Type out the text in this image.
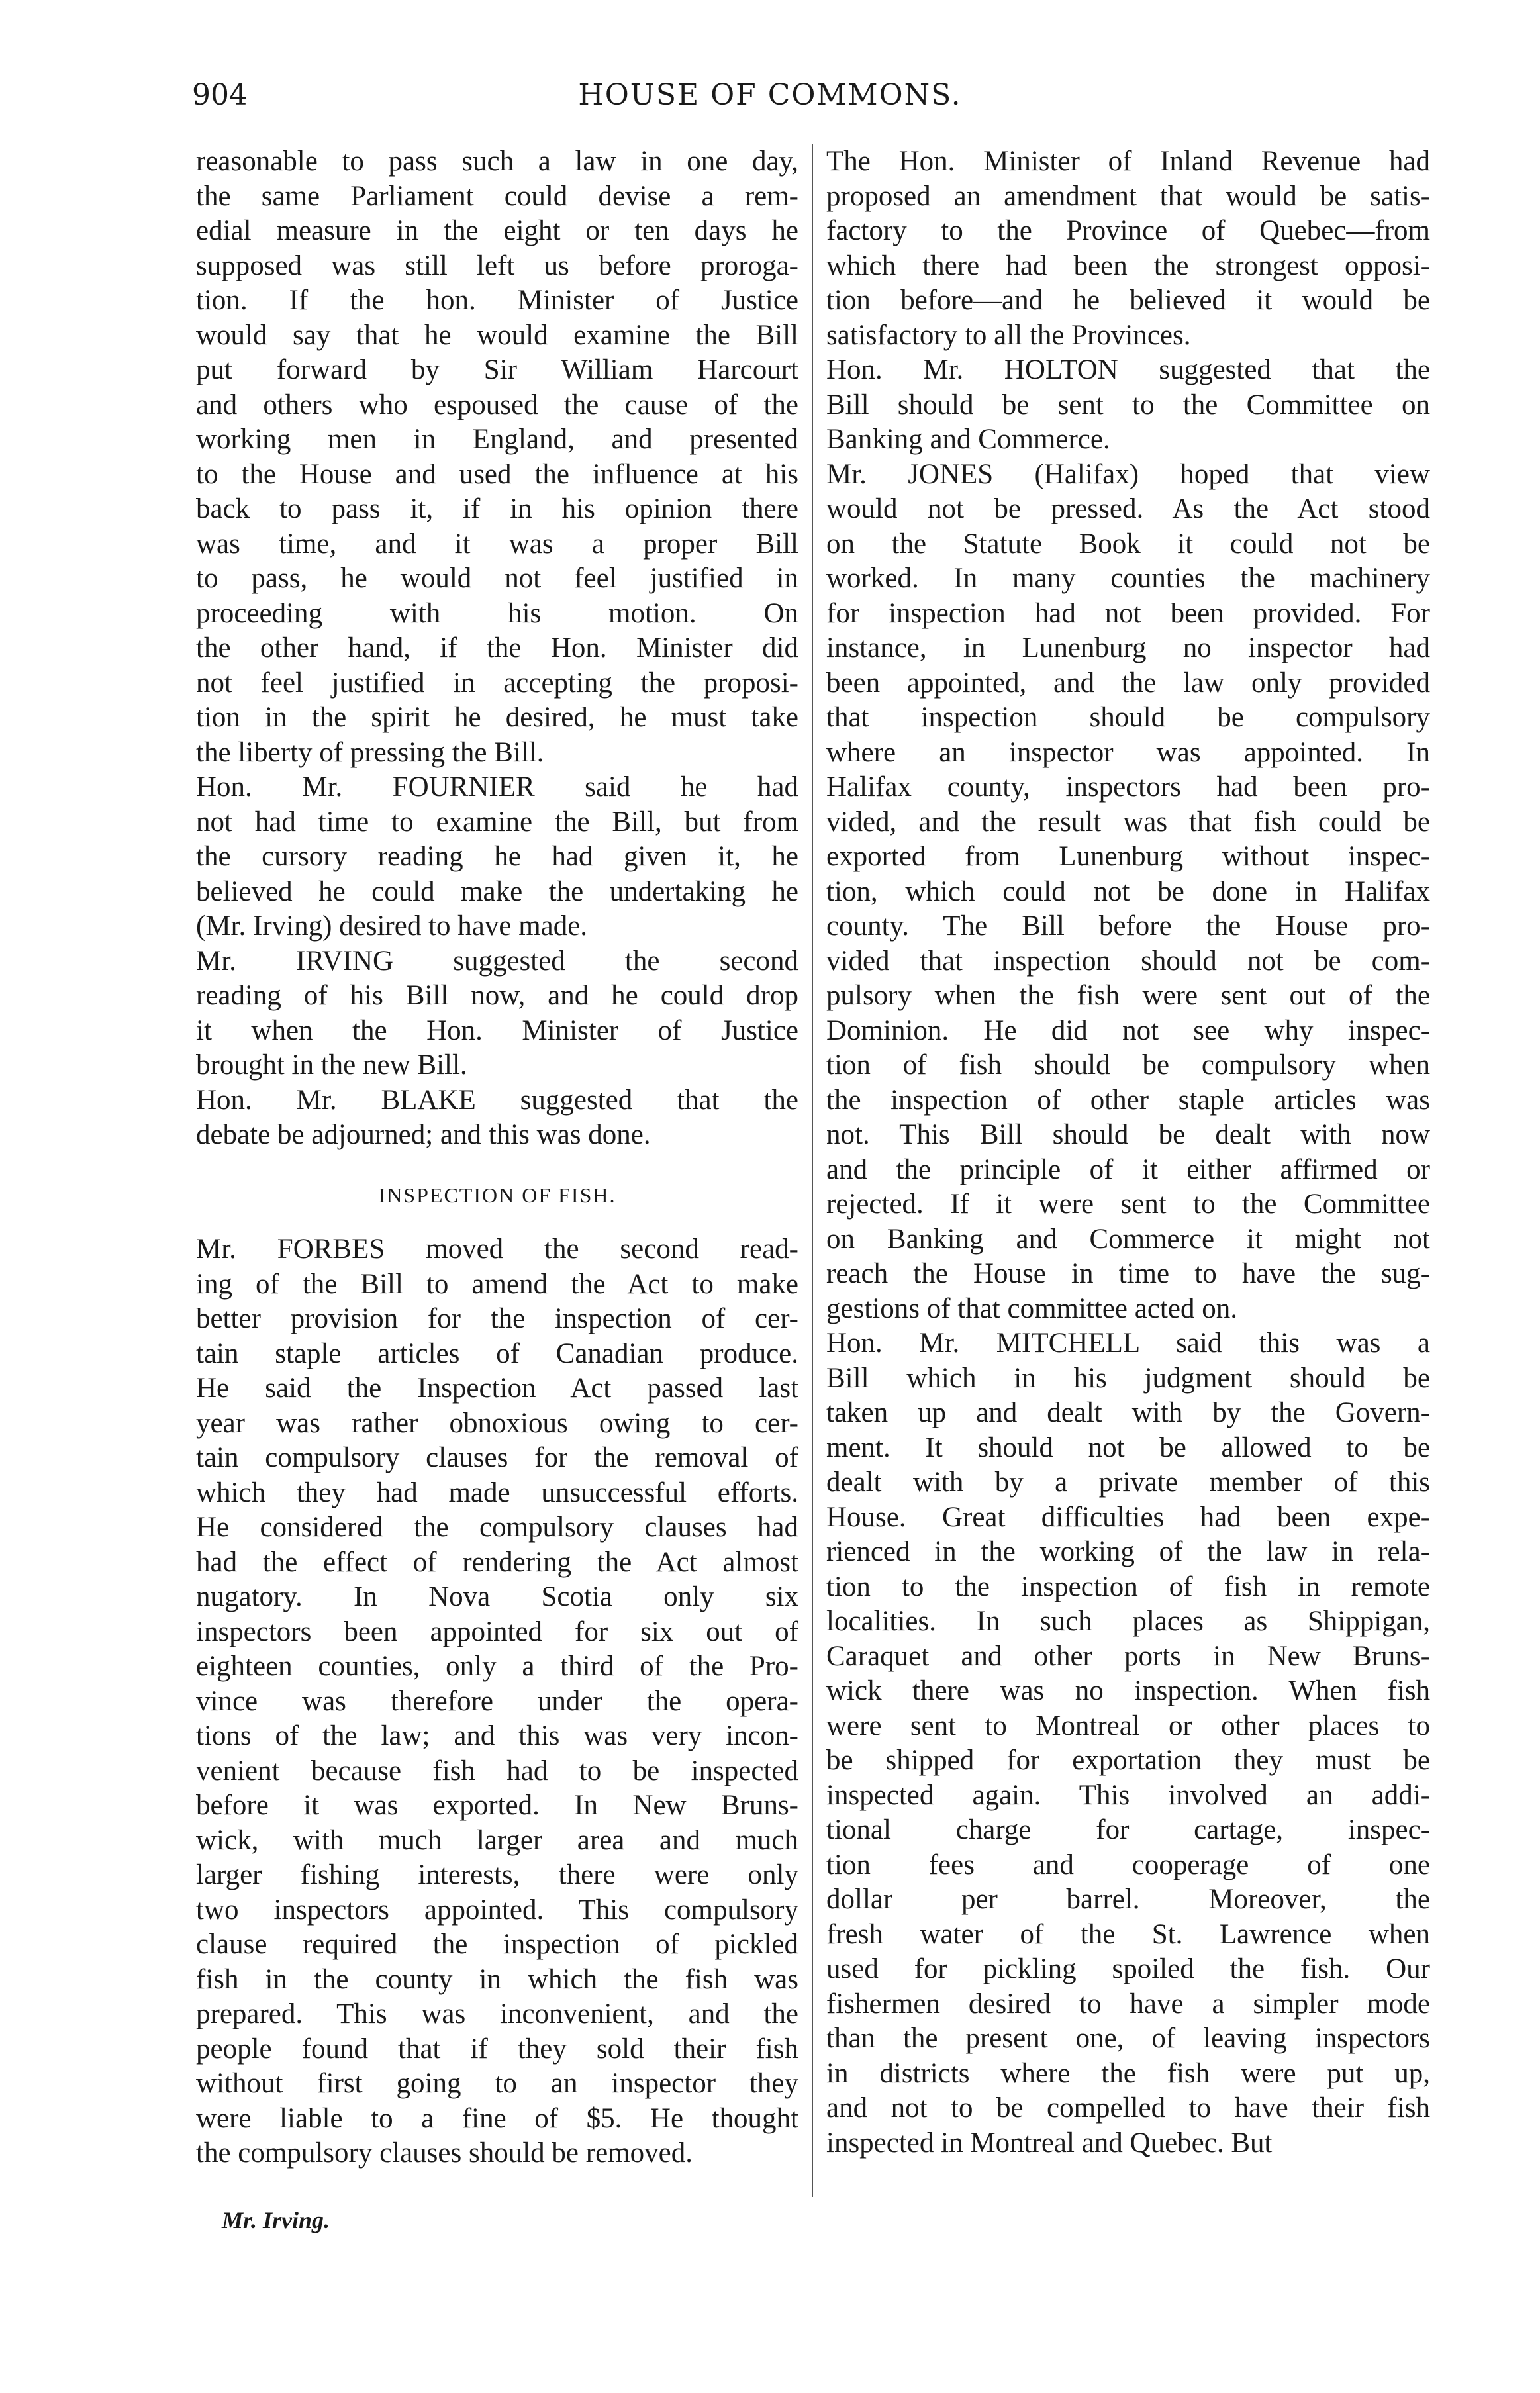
904	HOUSE OF COMMONS.
reasonable to pass such a law in one day,
the same Parliament could devise a rem-
edial measure in the eight or ten days he
supposed was still left us before proroga-
tion. If the hon. Minister of Justice
would say that he would examine the Bill
put forward by Sir William Harcourt
and others who espoused the cause of the
working men in England, and presented
to the House and used the influence at his
back to pass it, if in his opinion there
was time, and it was a proper Bill
to pass, he would not feel justified in
proceeding with his motion. On
the other hand, if the Hon. Minister did
not feel justified in accepting the proposi-
tion in the spirit he desired, he must take
the liberty of pressing the Bill.
Hon. Mr. FOURNIER said he had
not had time to examine the Bill, but from
the cursory reading he had given it, he
believed he could make the undertaking he
(Mr. Irving) desired to have made.
Mr. IRVING suggested the second
reading of his Bill now, and he could drop
it when the Hon. Minister of Justice
brought in the new Bill.
Hon. Mr. BLAKE suggested that the
debate be adjourned; and this was done.
INSPECTION OF FISH.
Mr. FORBES moved the second read-
ing of the Bill to amend the Act to make
better provision for the inspection of cer-
tain staple articles of Canadian produce.
He said the Inspection Act passed last
year was rather obnoxious owing to cer-
tain compulsory clauses for the removal of
which they had made unsuccessful efforts.
He considered the compulsory clauses had
had the effect of rendering the Act almost
nugatory. In Nova Scotia only six
inspectors been appointed for six out of
eighteen counties, only a third of the Pro-
vince was therefore under the opera-
tions of the law; and this was very incon-
venient because fish had to be inspected
before it was exported. In New Bruns-
wick, with much larger area and much
larger fishing interests, there were only
two inspectors appointed. This compulsory
clause required the inspection of pickled
fish in the county in which the fish was
prepared. This was inconvenient, and the
people found that if they sold their fish
without first going to an inspector they
were liable to a fine of $5. He thought
the compulsory clauses should be removed.
The Hon. Minister of Inland Revenue had
proposed an amendment that would be satis-
factory to the Province of Quebec—from
which there had been the strongest opposi-
tion before—and he believed it would be
satisfactory to all the Provinces.
Hon. Mr. HOLTON suggested that the
Bill should be sent to the Committee on
Banking and Commerce.
Mr. JONES (Halifax) hoped that view
would not be pressed. As the Act stood
on the Statute Book it could not be
worked. In many counties the machinery
for inspection had not been provided. For
instance, in Lunenburg no inspector had
been appointed, and the law only provided
that inspection should be compulsory
where an inspector was appointed. In
Halifax county, inspectors had been pro-
vided, and the result was that fish could be
exported from Lunenburg without inspec-
tion, which could not be done in Halifax
county. The Bill before the House pro-
vided that inspection should not be com-
pulsory when the fish were sent out of the
Dominion. He did not see why inspec-
tion of fish should be compulsory when
the inspection of other staple articles was
not. This Bill should be dealt with now
and the principle of it either affirmed or
rejected. If it were sent to the Committee
on Banking and Commerce it might not
reach the House in time to have the sug-
gestions of that committee acted on.
Hon. Mr. MITCHELL said this was a
Bill which in his judgment should be
taken up and dealt with by the Govern-
ment. It should not be allowed to be
dealt with by a private member of this
House. Great difficulties had been expe-
rienced in the working of the law in rela-
tion to the inspection of fish in remote
localities. In such places as Shippigan,
Caraquet and other ports in New Bruns-
wick there was no inspection. When fish
were sent to Montreal or other places to
be shipped for exportation they must be
inspected again. This involved an addi-
tional charge for cartage, inspec-
tion fees and cooperage of one
dollar per barrel. Moreover, the
fresh water of the St. Lawrence when
used for pickling spoiled the fish. Our
fishermen desired to have a simpler mode
than the present one, of leaving inspectors
in districts where the fish were put up,
and not to be compelled to have their fish
inspected in Montreal and Quebec. But
Mr. Irving.
